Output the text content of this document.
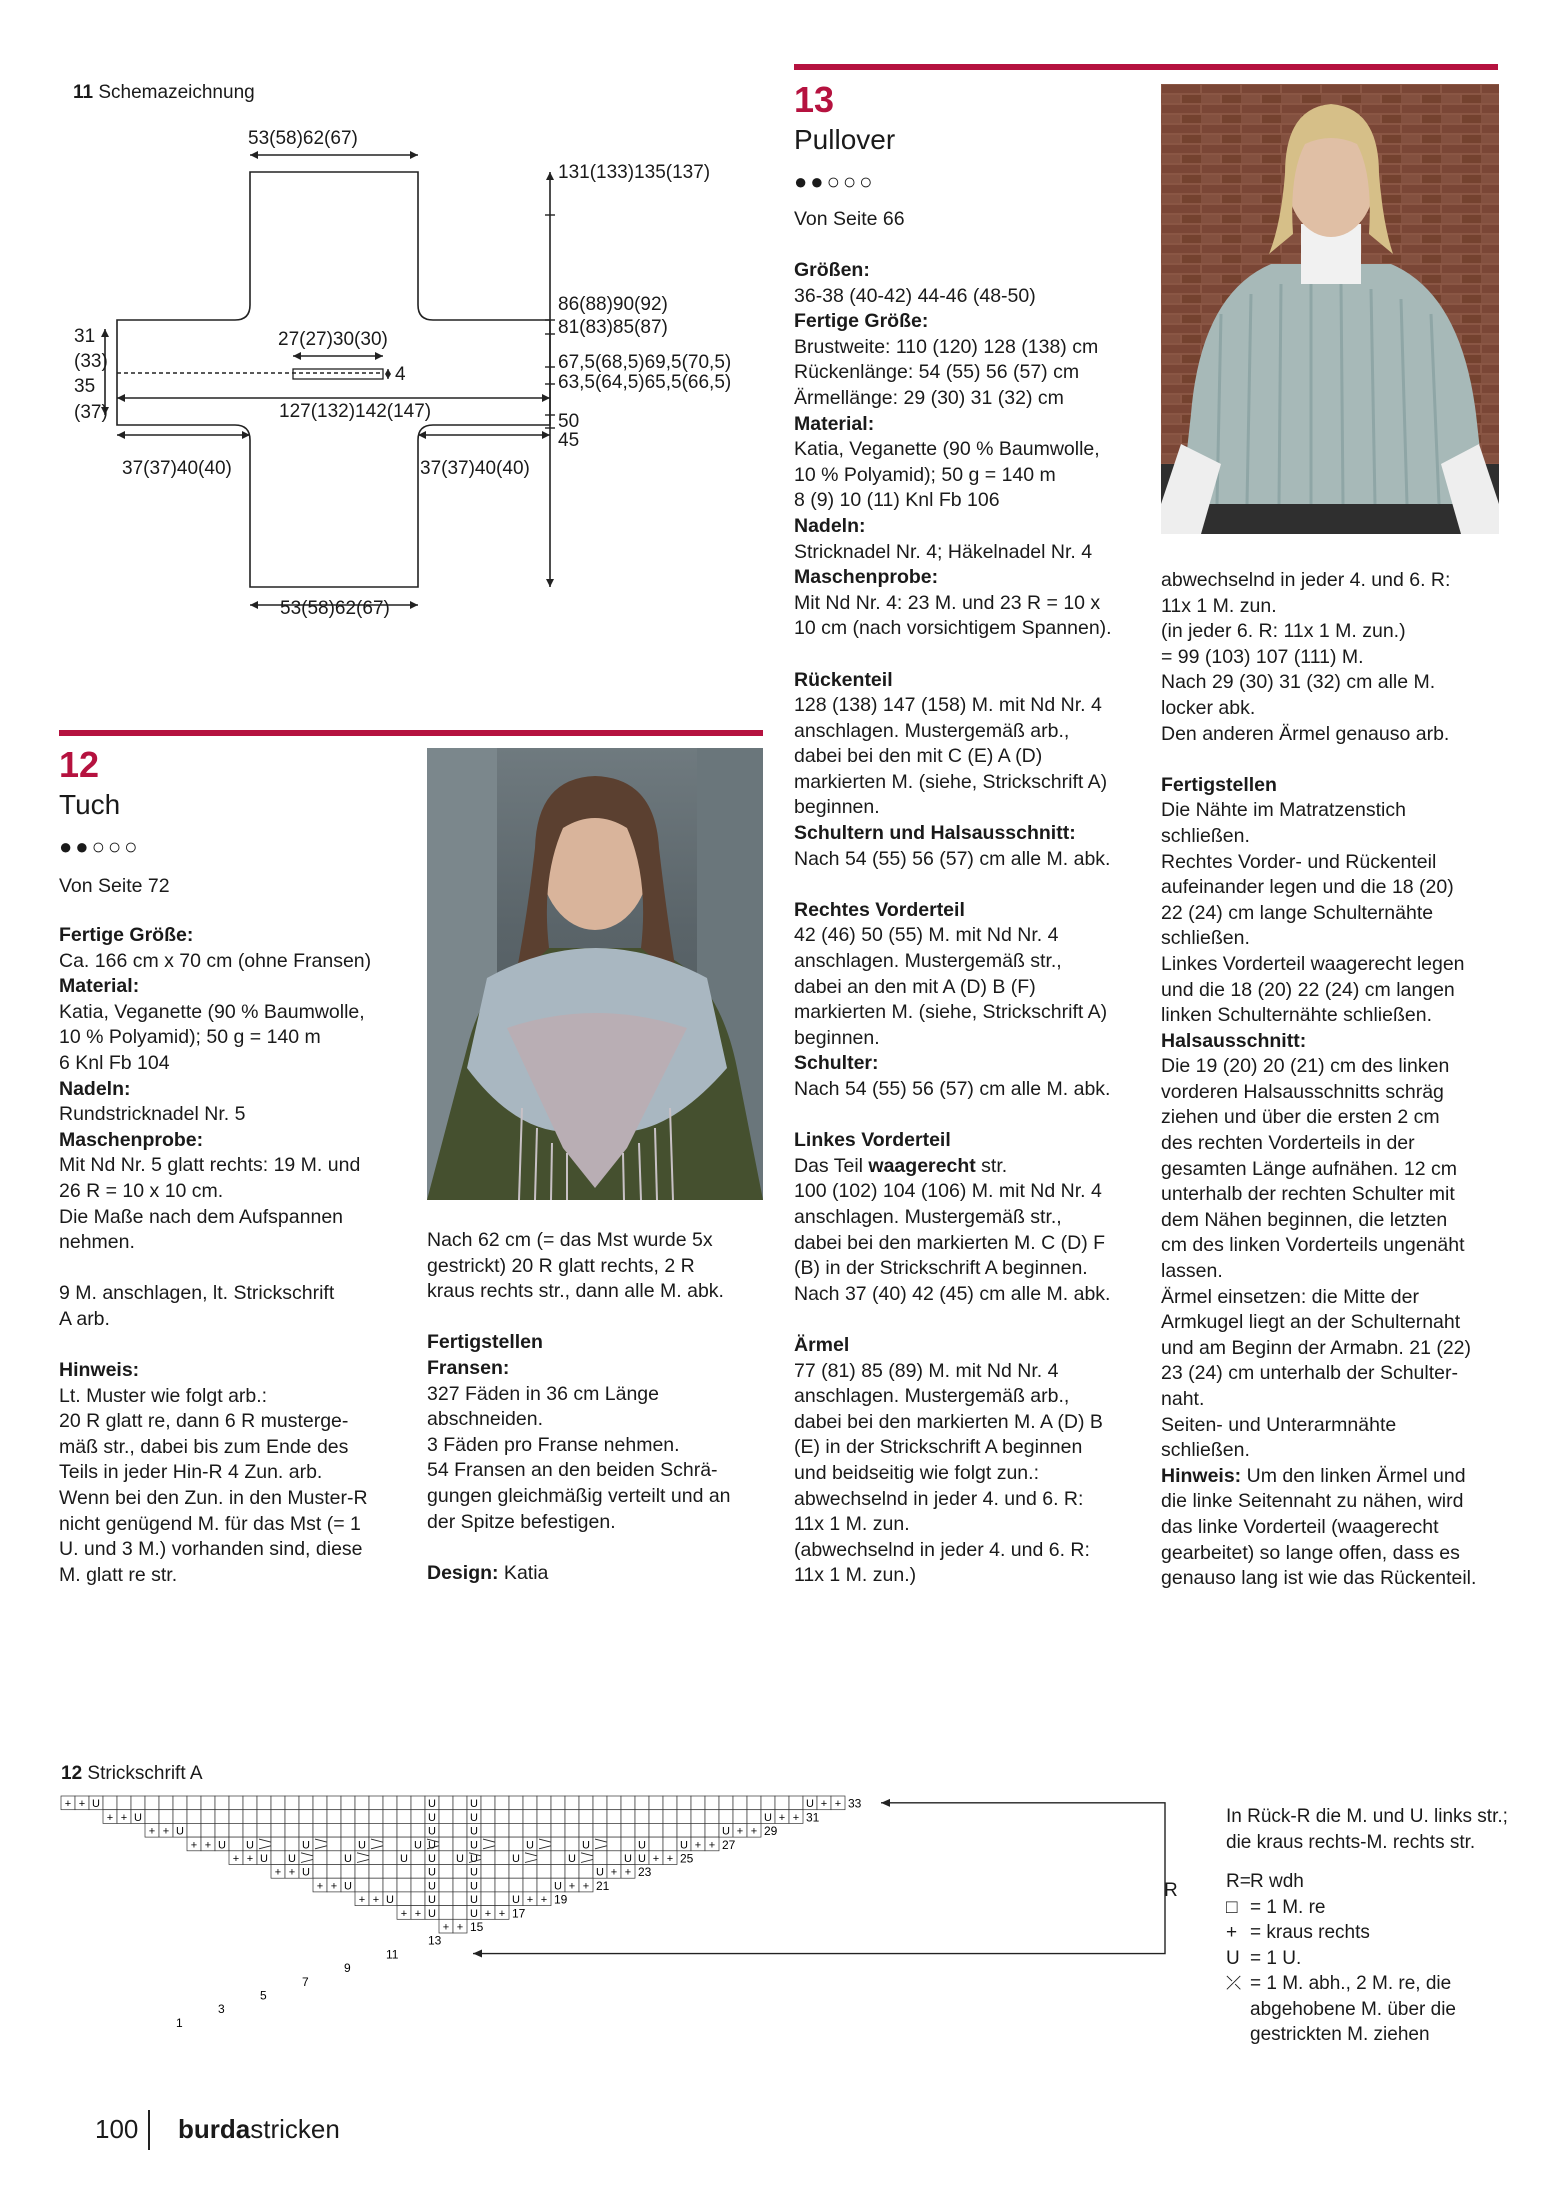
11 Schemazeichnung
53(58)62(67)
131(133)135(137)
86(88)90(92)
81(83)85(87)
67,5(68,5)69,5(70,5)
63,5(64,5)65,5(66,5)
50
45
27(27)30(30)
4
127(132)142(147)
31
(33)
35
(37)
37(37)40(40)	37(37)40(40)
53(58)62(67)
12
Tuch
●●○○○
Von Seite 72

Fertige Größe:

Ca. 166 cm x 70 cm (ohne Fransen)

Material:

Katia, Veganette (90 % Baumwolle,

10 % Polyamid); 50 g = 140 m

6 Knl Fb 104

Nadeln:

Rundstricknadel Nr. 5

Maschenprobe:

Mit Nd Nr. 5 glatt rechts: 19 M. und

26 R = 10 x 10 cm.

Die Maße nach dem Aufspannen

nehmen.

9 M. anschlagen, lt. Strickschrift

A arb.

Hinweis:

Lt. Muster wie folgt arb.:

20 R glatt re, dann 6 R musterge-

mäß str., dabei bis zum Ende des

Teils in jeder Hin-R 4 Zun. arb.

Wenn bei den Zun. in den Muster-R

nicht genügend M. für das Mst (= 1

U. und 3 M.) vorhanden sind, diese

M. glatt re str.

Nach 62 cm (= das Mst wurde 5x

gestrickt) 20 R glatt rechts, 2 R

kraus rechts str., dann alle M. abk.

Fertigstellen

Fransen:

327 Fäden in 36 cm Länge

abschneiden.

3 Fäden pro Franse nehmen.

54 Fransen an den beiden Schrä-

gungen gleichmäßig verteilt und an

der Spitze befestigen.

Design: Katia

13
Pullover
●●○○○
Von Seite 66

Größen:

36-38 (40-42) 44-46 (48-50)

Fertige Größe:

Brustweite: 110 (120) 128 (138) cm

Rückenlänge: 54 (55) 56 (57) cm

Ärmellänge: 29 (30) 31 (32) cm

Material:

Katia, Veganette (90 % Baumwolle,

10 % Polyamid); 50 g = 140 m

8 (9) 10 (11) Knl Fb 106

Nadeln:

Stricknadel Nr. 4; Häkelnadel Nr. 4

Maschenprobe:

Mit Nd Nr. 4: 23 M. und 23 R = 10 x

10 cm (nach vorsichtigem Spannen).

Rückenteil

128 (138) 147 (158) M. mit Nd Nr. 4

anschlagen. Mustergemäß arb.,

dabei bei den mit C (E) A (D)

markierten M. (siehe, Strickschrift A)

beginnen.

Schultern und Halsausschnitt:

Nach 54 (55) 56 (57) cm alle M. abk.

Rechtes Vorderteil

42 (46) 50 (55) M. mit Nd Nr. 4

anschlagen. Mustergemäß str.,

dabei an den mit A (D) B (F)

markierten M. (siehe, Strickschrift A)

beginnen.

Schulter:

Nach 54 (55) 56 (57) cm alle M. abk.

Linkes Vorderteil

Das Teil waagerecht str.

100 (102) 104 (106) M. mit Nd Nr. 4

anschlagen. Mustergemäß str.,

dabei bei den markierten M. C (D) F

(B) in der Strickschrift A beginnen.

Nach 37 (40) 42 (45) cm alle M. abk.

Ärmel

77 (81) 85 (89) M. mit Nd Nr. 4

anschlagen. Mustergemäß arb.,

dabei bei den markierten M. A (D) B

(E) in der Strickschrift A beginnen

und beidseitig wie folgt zun.:

abwechselnd in jeder 4. und 6. R:

11x 1 M. zun.

(abwechselnd in jeder 4. und 6. R:

11x 1 M. zun.)

abwechselnd in jeder 4. und 6. R:

11x 1 M. zun.

(in jeder 6. R: 11x 1 M. zun.)

= 99 (103) 107 (111) M.

Nach 29 (30) 31 (32) cm alle M.

locker abk.

Den anderen Ärmel genauso arb.

Fertigstellen

Die Nähte im Matratzenstich

schließen.

Rechtes Vorder- und Rückenteil

aufeinander legen und die 18 (20)

22 (24) cm lange Schulternähte

schließen.

Linkes Vorderteil waagerecht legen

und die 18 (20) 22 (24) cm langen

linken Schulternähte schließen.

Halsausschnitt:

Die 19 (20) 20 (21) cm des linken

vorderen Halsausschnitts schräg

ziehen und über die ersten 2 cm

des rechten Vorderteils in der

gesamten Länge aufnähen. 12 cm

unterhalb der rechten Schulter mit

dem Nähen beginnen, die letzten

cm des linken Vorderteils ungenäht

lassen.

Ärmel einsetzen: die Mitte der

Armkugel liegt an der Schulternaht

und am Beginn der Armabn. 21 (22)

23 (24) cm unterhalb der Schulter-

naht.

Seiten- und Unterarmnähte

schließen.

Hinweis: Um den linken Ärmel und

die linke Seitennaht zu nähen, wird

das linke Vorderteil (waagerecht

gearbeitet) so lange offen, dass es

genauso lang ist wie das Rückenteil.

12 Strickschrift A
+ + U	U	U	U + + 33
+ + U	U	U	U + + 31
+ + U	U	U	U + + 29
+ + U U	U	U	U U	U	U	U	U	U + + 27
+ + U U	U	U U U U	U	U	U U + + 25
+ + U	U	U	U + + 23
+ + U	U	U	U + + 21
+ + U	U	U	U + + 19
+ + U	U + + 17
+ + 15
13
11
9
7
5
3
1
R
In Rück-R die M. und U. links str.; die kraus rechts-M. rechts str.
R= R wdh
□ = 1 M. re
+ = kraus rechts
U = 1 U.
⤫ = 1 M. abh., 2 M. re, die abgehobene M. über die gestrickten M. ziehen
100 burdastricken
